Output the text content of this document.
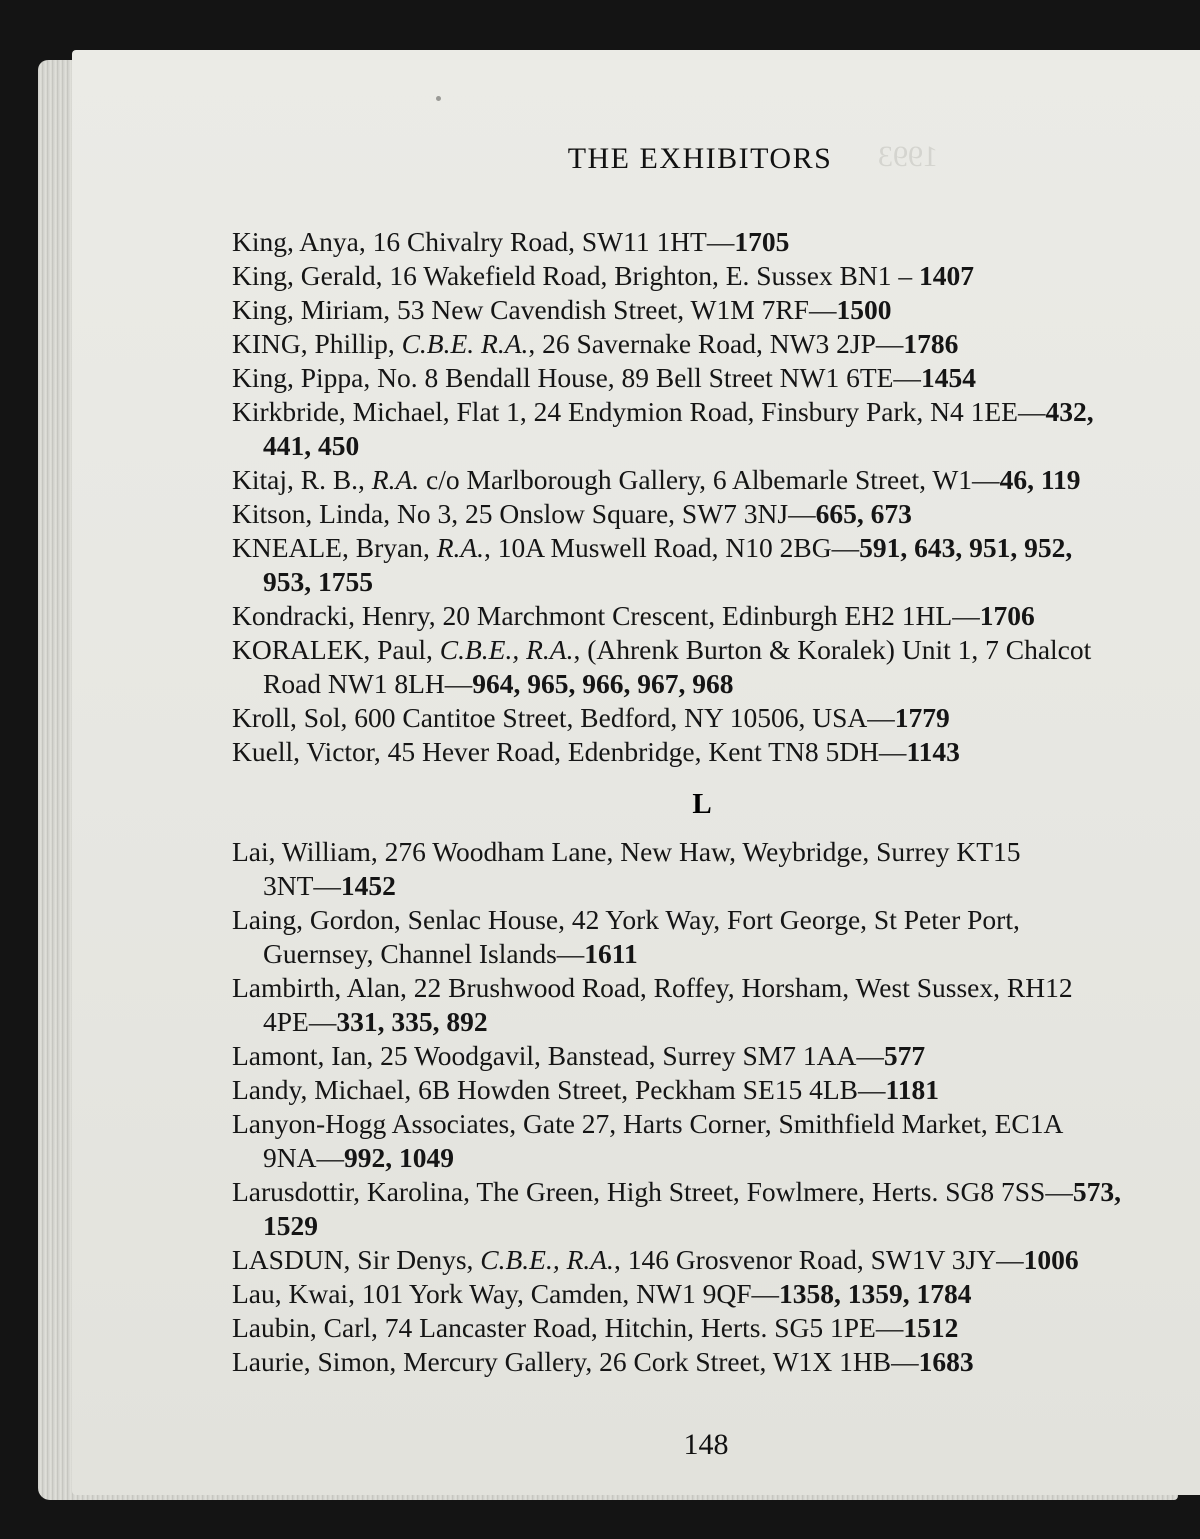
1993
THE EXHIBITORS
King, Anya, 16 Chivalry Road, SW11 1HT—1705
King, Gerald, 16 Wakefield Road, Brighton, E. Sussex BN1 – 1407
King, Miriam, 53 New Cavendish Street, W1M 7RF—1500
KING, Phillip, C.B.E. R.A., 26 Savernake Road, NW3 2JP—1786
King, Pippa, No. 8 Bendall House, 89 Bell Street NW1 6TE—1454
Kirkbride, Michael, Flat 1, 24 Endymion Road, Finsbury Park, N4 1EE—432,
441, 450
Kitaj, R. B., R.A. c/o Marlborough Gallery, 6 Albemarle Street, W1—46, 119
Kitson, Linda, No 3, 25 Onslow Square, SW7 3NJ—665, 673
KNEALE, Bryan, R.A., 10A Muswell Road, N10 2BG—591, 643, 951, 952,
953, 1755
Kondracki, Henry, 20 Marchmont Crescent, Edinburgh EH2 1HL—1706
KORALEK, Paul, C.B.E., R.A., (Ahrenk Burton & Koralek) Unit 1, 7 Chalcot
Road NW1 8LH—964, 965, 966, 967, 968
Kroll, Sol, 600 Cantitoe Street, Bedford, NY 10506, USA—1779
Kuell, Victor, 45 Hever Road, Edenbridge, Kent TN8 5DH—1143
L
Lai, William, 276 Woodham Lane, New Haw, Weybridge, Surrey KT15
3NT—1452
Laing, Gordon, Senlac House, 42 York Way, Fort George, St Peter Port,
Guernsey, Channel Islands—1611
Lambirth, Alan, 22 Brushwood Road, Roffey, Horsham, West Sussex, RH12
4PE—331, 335, 892
Lamont, Ian, 25 Woodgavil, Banstead, Surrey SM7 1AA—577
Landy, Michael, 6B Howden Street, Peckham SE15 4LB—1181
Lanyon-Hogg Associates, Gate 27, Harts Corner, Smithfield Market, EC1A
9NA—992, 1049
Larusdottir, Karolina, The Green, High Street, Fowlmere, Herts. SG8 7SS—573,
1529
LASDUN, Sir Denys, C.B.E., R.A., 146 Grosvenor Road, SW1V 3JY—1006
Lau, Kwai, 101 York Way, Camden, NW1 9QF—1358, 1359, 1784
Laubin, Carl, 74 Lancaster Road, Hitchin, Herts. SG5 1PE—1512
Laurie, Simon, Mercury Gallery, 26 Cork Street, W1X 1HB—1683
148
